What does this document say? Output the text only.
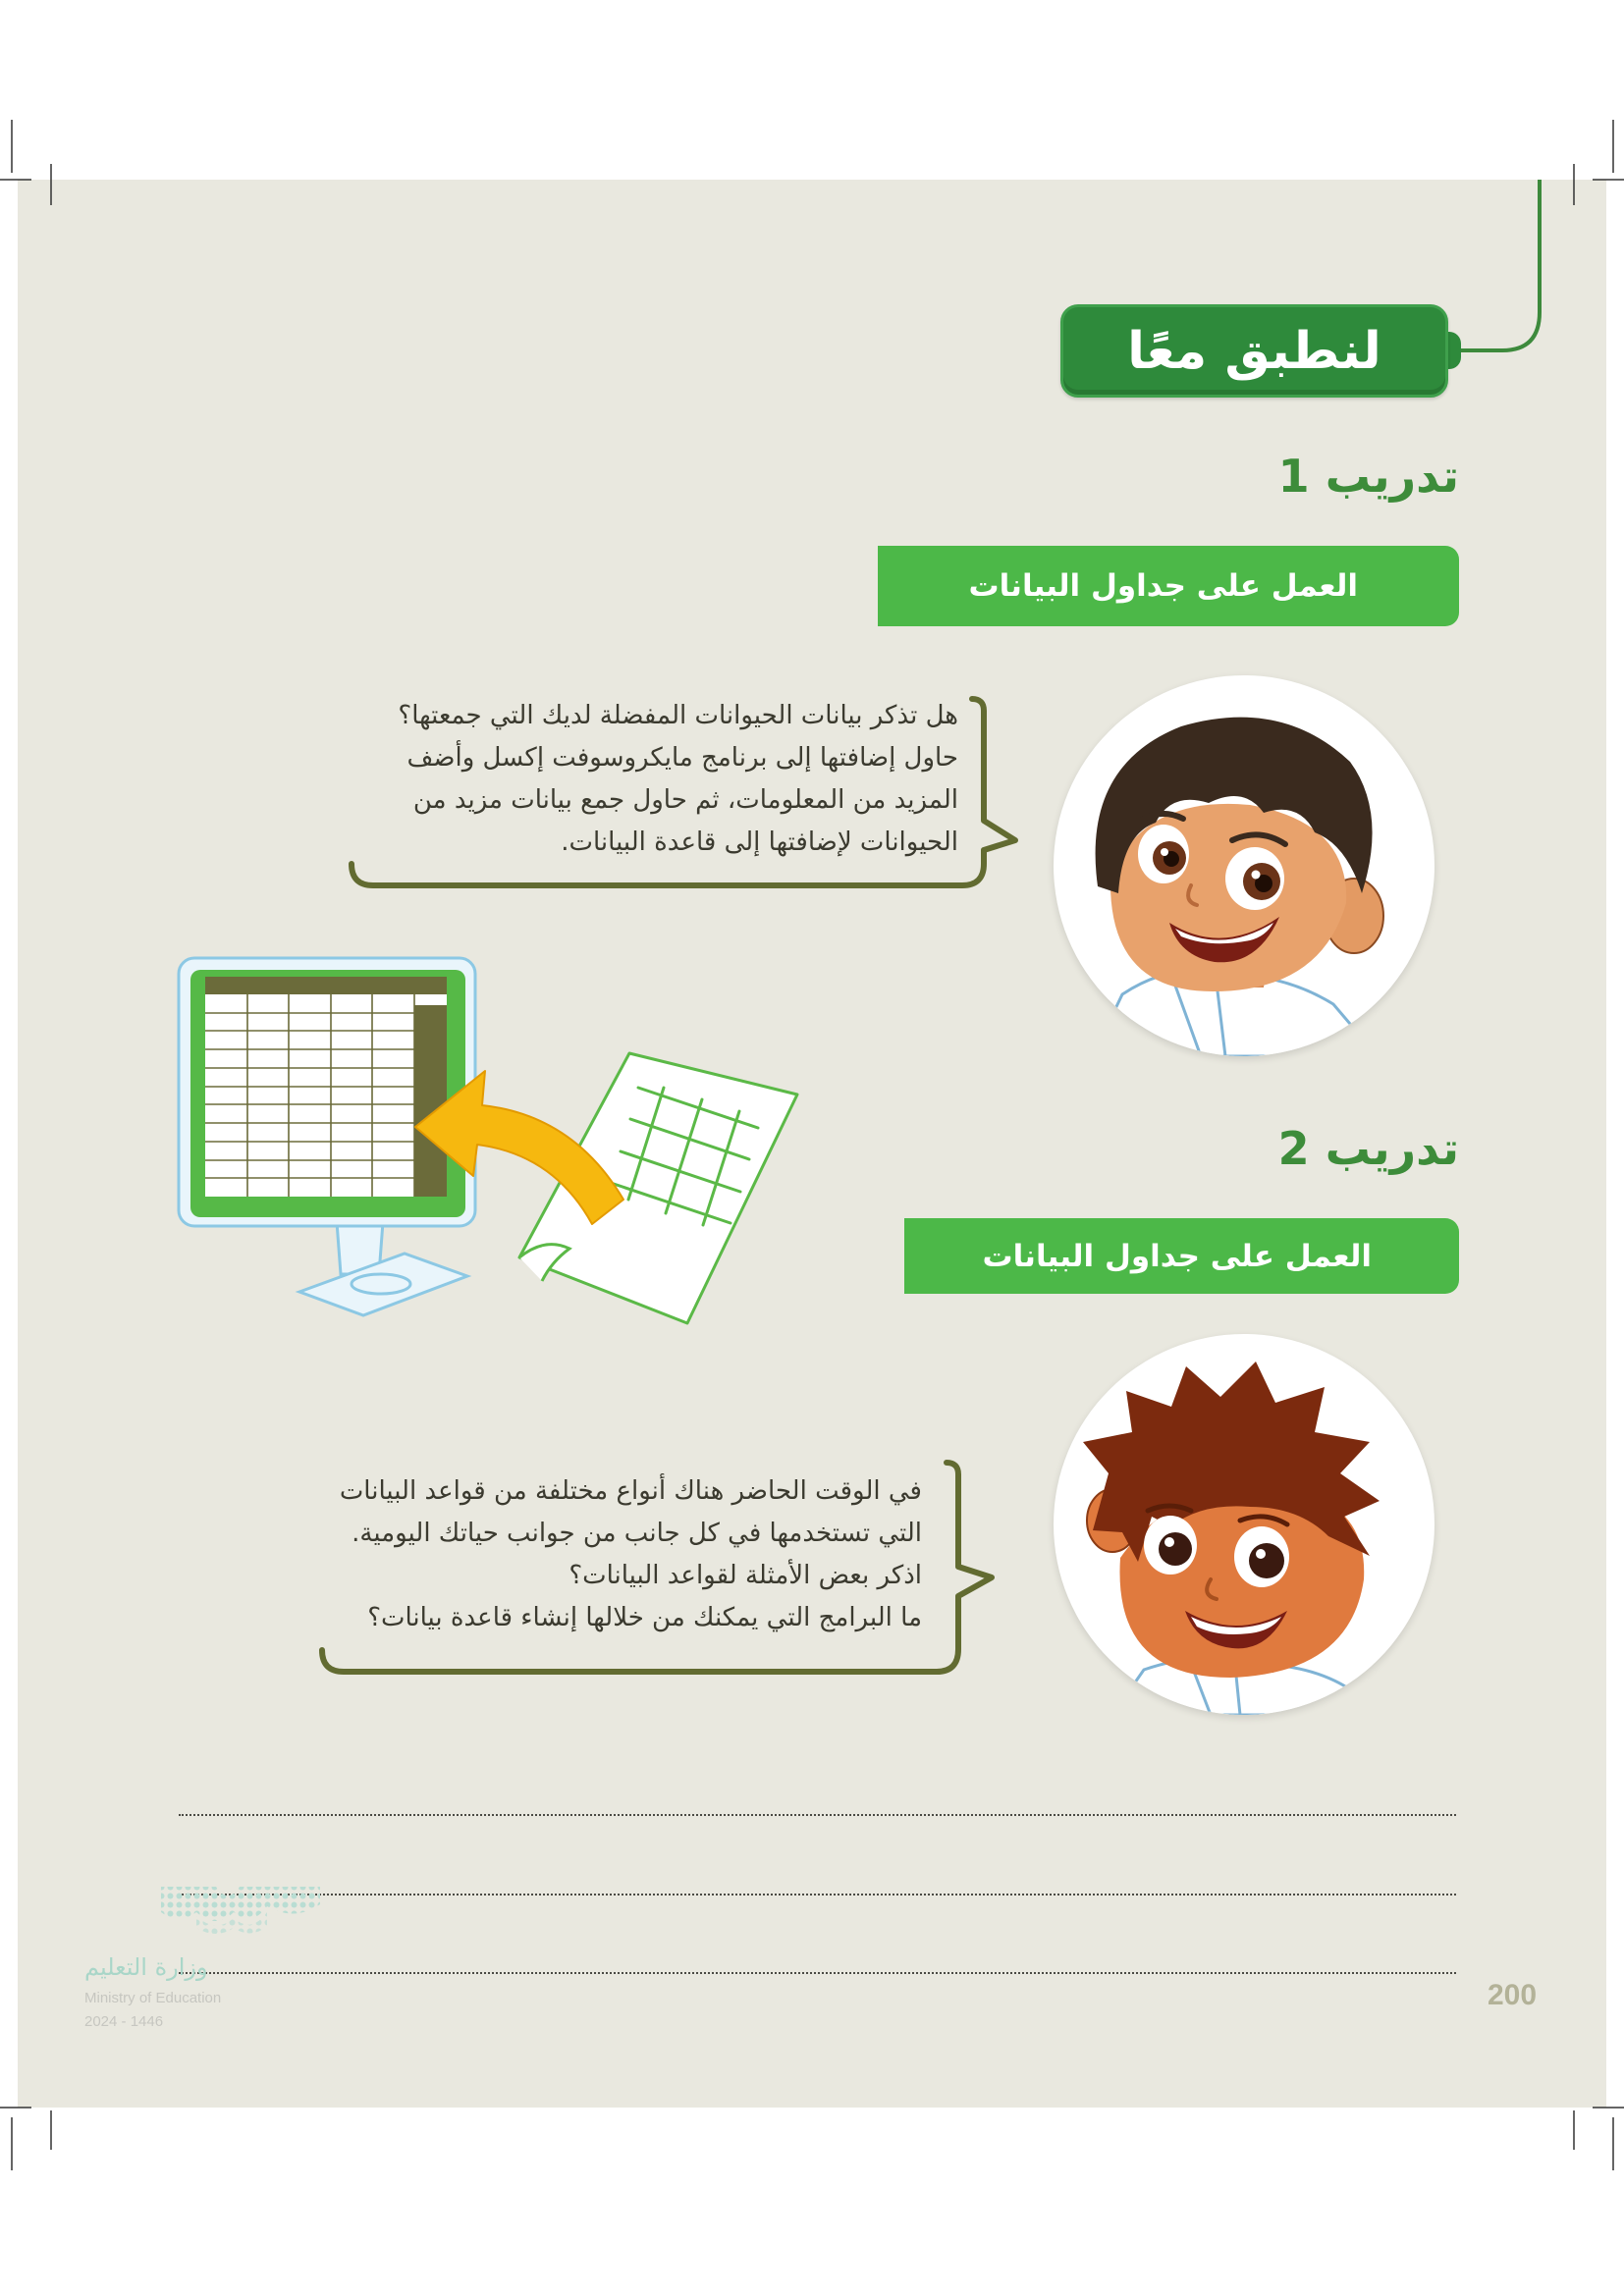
لنطبق معًا
تدريب 1
العمل على جداول البيانات
هل تذكر بيانات الحيوانات المفضلة لديك التي جمعتها؟
حاول إضافتها إلى برنامج مايكروسوفت إكسل وأضف
المزيد من المعلومات، ثم حاول جمع بيانات مزيد من
الحيوانات لإضافتها إلى قاعدة البيانات.
تدريب 2
العمل على جداول البيانات
في الوقت الحاضر هناك أنواع مختلفة من قواعد البيانات
التي تستخدمها في كل جانب من جوانب حياتك اليومية.
اذكر بعض الأمثلة لقواعد البيانات؟
ما البرامج التي يمكنك من خلالها إنشاء قاعدة بيانات؟
وزارة التعليم
Ministry of Education
2024 - 1446
200
